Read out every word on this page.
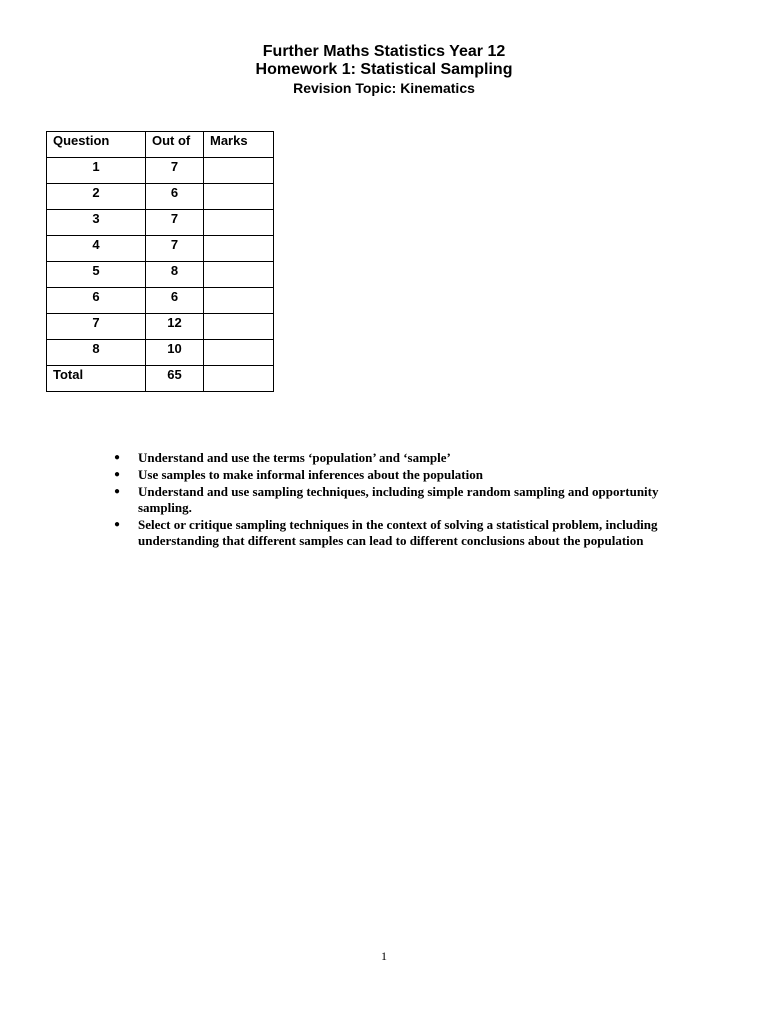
Further Maths Statistics Year 12
Homework 1: Statistical Sampling
Revision Topic: Kinematics
Question	Out of	Marks
1	7	
2	6	
3	7	
4	7	
5	8	
6	6	
7	12	
8	10	
Total	65	
● Understand and use the terms ‘population’ and ‘sample’
● Use samples to make informal inferences about the population
● Understand and use sampling techniques, including simple random sampling and opportunity sampling.
● Select or critique sampling techniques in the context of solving a statistical problem, including understanding that different samples can lead to different conclusions about the population
1
